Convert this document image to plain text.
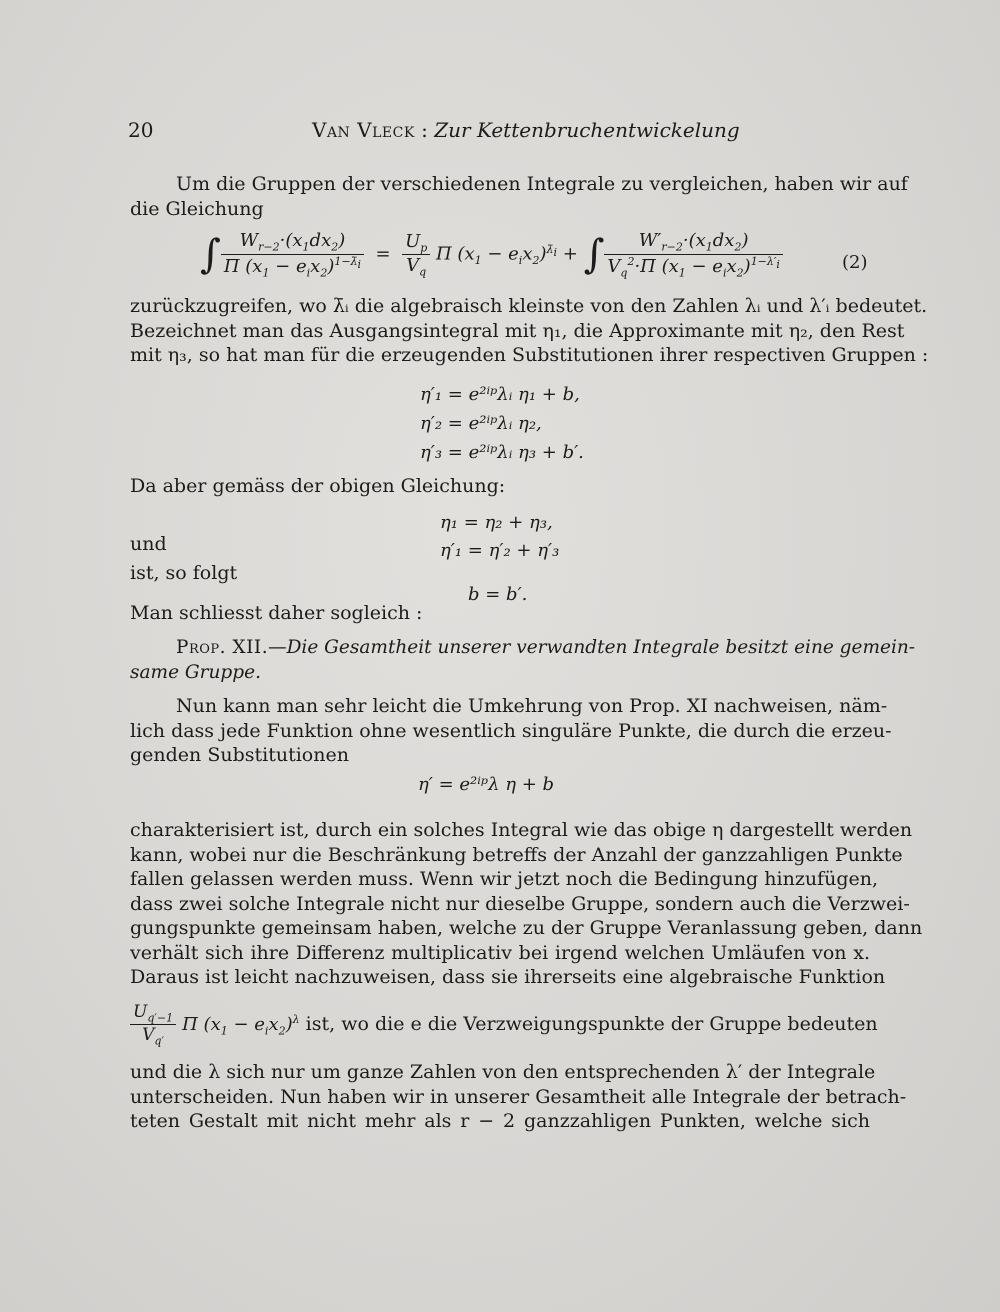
20	Van Vleck : Zur Kettenbruchentwickelung
Um die Gruppen der verschiedenen Integrale zu vergleichen, haben wir auf
die Gleichung
∫ $\frac{W_{r-2}\cdot(x_1dx_2)}{\Pi (x_1 - e_ix_2)^{1-\lambdā_i}} = \frac{U_p}{V_q}$ Π $(x_1 - e_ix_2)^{\lambdā_i}$ + ∫ $\frac{W'_{r-2}\cdot(x_1dx_2)}{V_q^2\cdot\Pi (x_1 - e_ix_2)^{1-\lambda'_i}}$	(2)
zurückzugreifen, wo λ̄ᵢ die algebraisch kleinste von den Zahlen λᵢ und λ′ᵢ bedeutet.
Bezeichnet man das Ausgangsintegral mit η₁, die Approximante mit η₂, den Rest
mit η₃, so hat man für die erzeugenden Substitutionen ihrer respectiven Gruppen :
η′₁ = e²ⁱᵖλᵢ η₁ + b,
η′₂ = e²ⁱᵖλᵢ η₂,
η′₃ = e²ⁱᵖλᵢ η₃ + b′.
Da aber gemäss der obigen Gleichung:
η₁ = η₂ + η₃,
und	η′₁ = η′₂ + η′₃
ist, so folgt
b = b′.
Man schliesst daher sogleich :
Prop. XII.—Die Gesamtheit unserer verwandten Integrale besitzt eine gemein-
same Gruppe.
Nun kann man sehr leicht die Umkehrung von Prop. XI nachweisen, näm-
lich dass jede Funktion ohne wesentlich singuläre Punkte, die durch die erzeu-
genden Substitutionen
η′ = e²ⁱᵖλ η + b
charakterisiert ist, durch ein solches Integral wie das obige η dargestellt werden
kann, wobei nur die Beschränkung betreffs der Anzahl der ganzzahligen Punkte
fallen gelassen werden muss. Wenn wir jetzt noch die Bedingung hinzufügen,
dass zwei solche Integrale nicht nur dieselbe Gruppe, sondern auch die Verzwei-
gungspunkte gemeinsam haben, welche zu der Gruppe Veranlassung geben, dann
verhält sich ihre Differenz multiplicativ bei irgend welchen Umläufen von x.
Daraus ist leicht nachzuweisen, dass sie ihrerseits eine algebraische Funktion
$\frac{U_{q'-1}}{V_{q'}}$ Π $(x_1 - e_ix_2)^\lambda$ ist, wo die e die Verzweigungspunkte der Gruppe bedeuten
und die λ sich nur um ganze Zahlen von den entsprechenden λ′ der Integrale
unterscheiden. Nun haben wir in unserer Gesamtheit alle Integrale der betrach-
teten Gestalt mit nicht mehr als r − 2 ganzzahligen Punkten, welche sich
